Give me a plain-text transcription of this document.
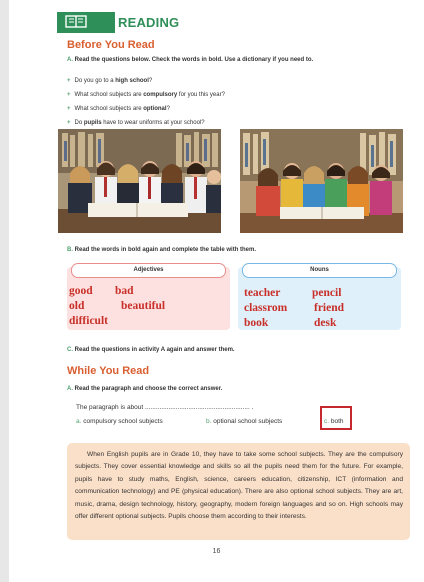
READING
Before You Read
A. Read the questions below. Check the words in bold. Use a dictionary if you need to.
+ Do you go to a high school?
+ What school subjects are compulsory for you this year?
+ What school subjects are optional?
+ Do pupils have to wear uniforms at your school?
B. Read the words in bold again and complete the table with them.
Adjectives
good bad
old	beautiful
difficult
Nouns
teacher	pencil
classrom friend
book	desk
C. Read the questions in activity A again and answer them.
While You Read
A. Read the paragraph and choose the correct answer.
The paragraph is about .......................................................... .
a. compulsory school subjects	b. optional school subjects	c. both
When English pupils are in Grade 10, they have to take some school subjects. They are the compulsory subjects. They cover essential knowledge and skills so all the pupils need them for the future. For example, pupils have to study maths, English, science, careers education, citizenship, ICT (information and communication technology) and PE (physical education). There are also optional school subjects. They are art, music, drama, design technology, history, geography, modern foreign languages and so on. High schools may offer different optional subjects. Pupils choose them according to their interests.
16
